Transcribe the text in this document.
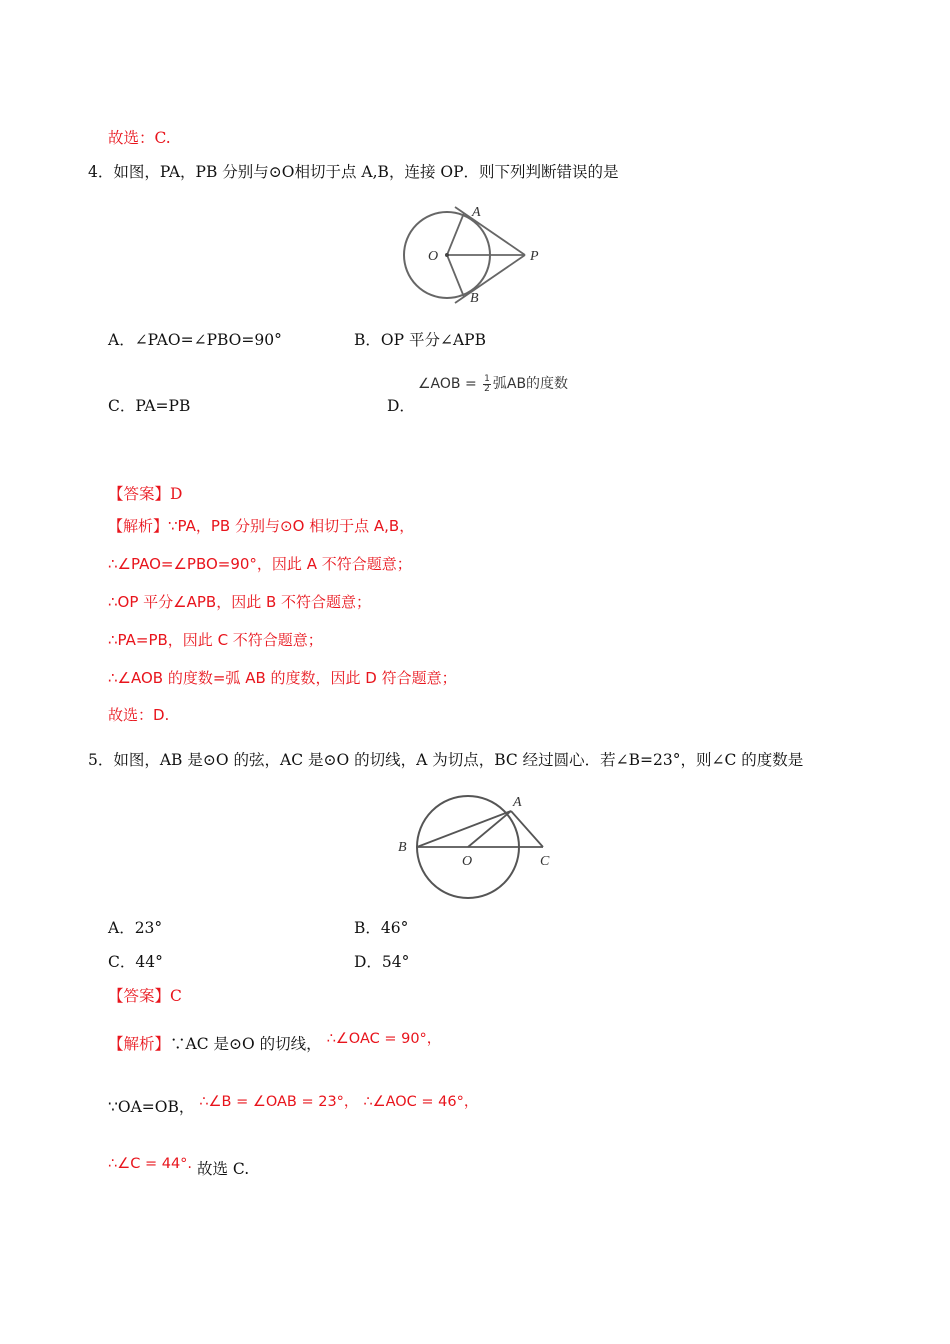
故选：C.
4．如图，PA，PB 分别与⊙O相切于点 A,B，连接 OP．则下列判断错误的是
A
O	P
B
A．∠PAO=∠PBO=90°	B．OP 平分∠APB
C．PA=PB	D．
∠AOB = $\frac{1}{2}$ 弧AB的度数
【答案】D
【解析】∵PA，PB 分别与⊙O 相切于点 A,B，
∴∠PAO=∠PBO=90°，因此 A 不符合题意；
∴OP 平分∠APB，因此 B 不符合题意；
∴PA=PB，因此 C 不符合题意；
∴∠AOB 的度数=弧 AB 的度数，因此 D 符合题意；
故选：D.
5．如图，AB 是⊙O 的弦，AC 是⊙O 的切线，A 为切点，BC 经过圆心．若∠B=23°，则∠C 的度数是
A
B
O	C
A．23°	B．46°
C．44°	D．54°
【答案】C
【解析】∵AC 是⊙O 的切线， ∴∠OAC = 90°，
∵OA=OB， ∴∠B = ∠OAB = 23°， ∴∠AOC = 46°，
∴∠C = 44°. 故选 C.
